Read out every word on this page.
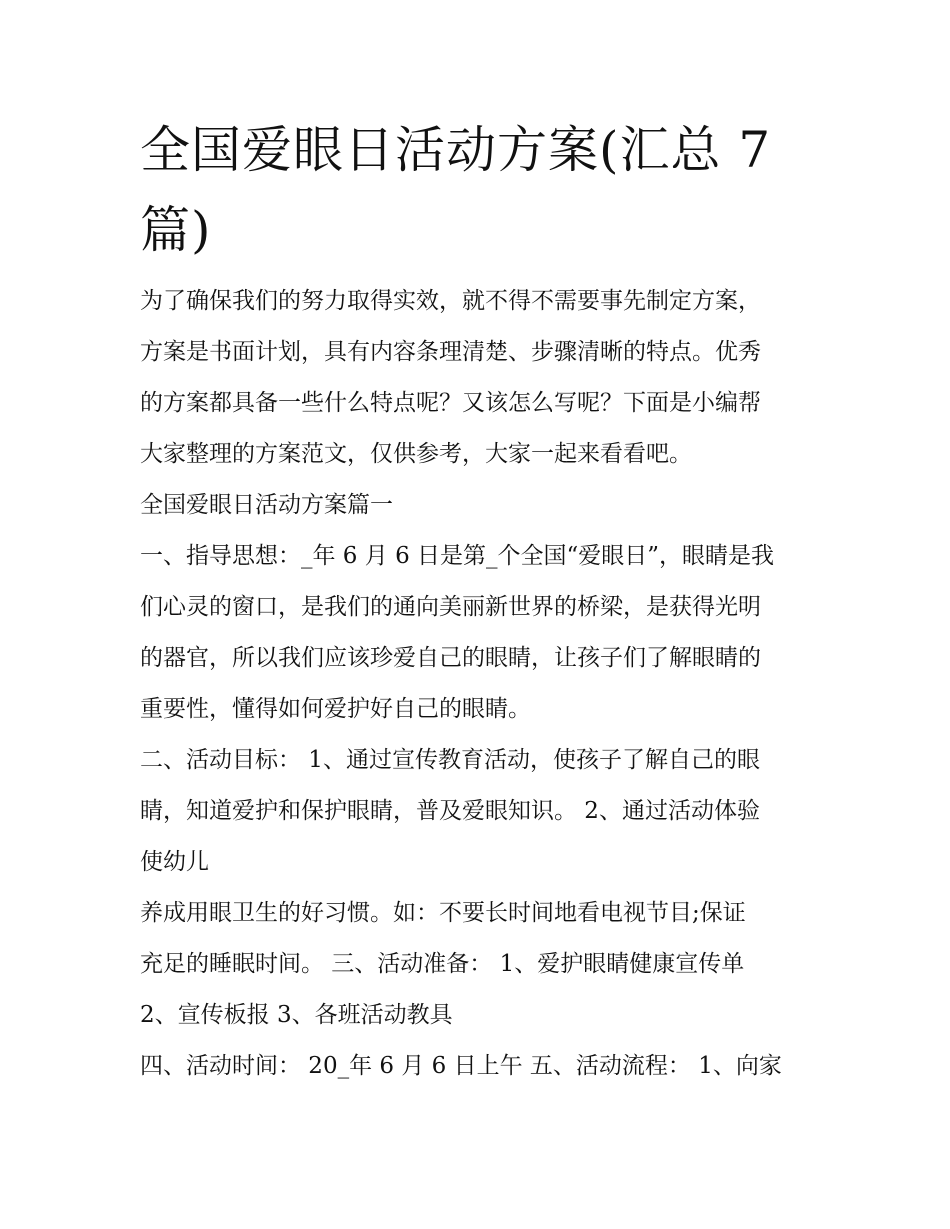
全国爱眼日活动方案(汇总 7
篇)
为了确保我们的努力取得实效，就不得不需要事先制定方案，
方案是书面计划，具有内容条理清楚、步骤清晰的特点。优秀
的方案都具备一些什么特点呢？又该怎么写呢？下面是小编帮
大家整理的方案范文，仅供参考，大家一起来看看吧。
全国爱眼日活动方案篇一
一、指导思想：_年 6 月 6 日是第_个全国“爱眼日”，眼睛是我
们心灵的窗口，是我们的通向美丽新世界的桥梁，是获得光明
的器官，所以我们应该珍爱自己的眼睛，让孩子们了解眼睛的
重要性，懂得如何爱护好自己的眼睛。
二、活动目标： 1、通过宣传教育活动，使孩子了解自己的眼
睛，知道爱护和保护眼睛，普及爱眼知识。 2、通过活动体验
使幼儿
养成用眼卫生的好习惯。如：不要长时间地看电视节目;保证
充足的睡眠时间。 三、活动准备： 1、爱护眼睛健康宣传单
2、宣传板报 3、各班活动教具
四、活动时间： 20_年 6 月 6 日上午 五、活动流程： 1、向家
